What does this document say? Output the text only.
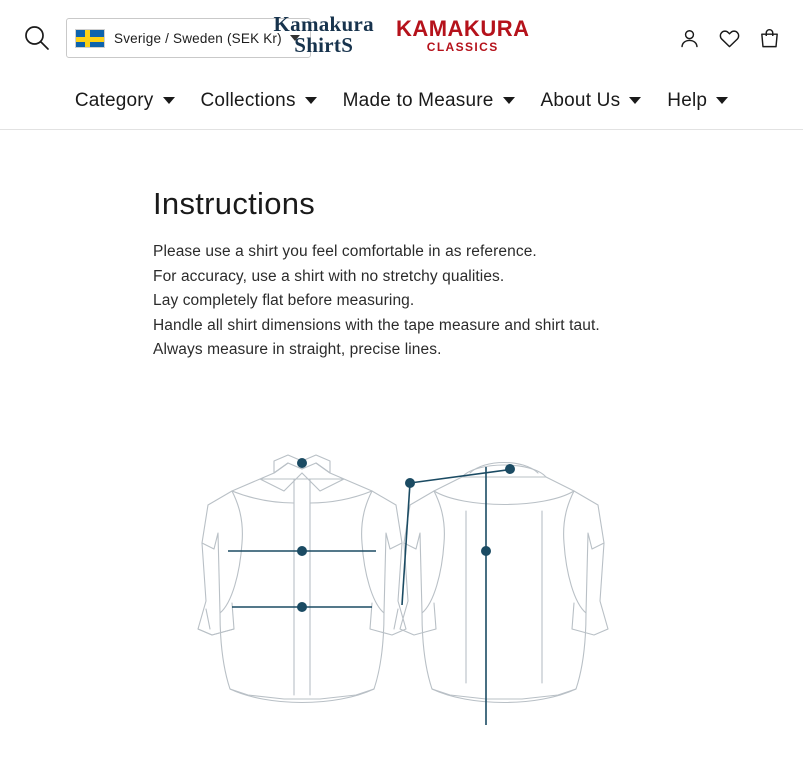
Sverige / Sweden (SEK Kr)
Kamakura
ShirtS
KAMAKURA
CLASSICS
Category Collections Made to Measure About Us Help
Instructions
Please use a shirt you feel comfortable in as reference.
For accuracy, use a shirt with no stretchy qualities.
Lay completely flat before measuring.
Handle all shirt dimensions with the tape measure and shirt taut.
Always measure in straight, precise lines.
